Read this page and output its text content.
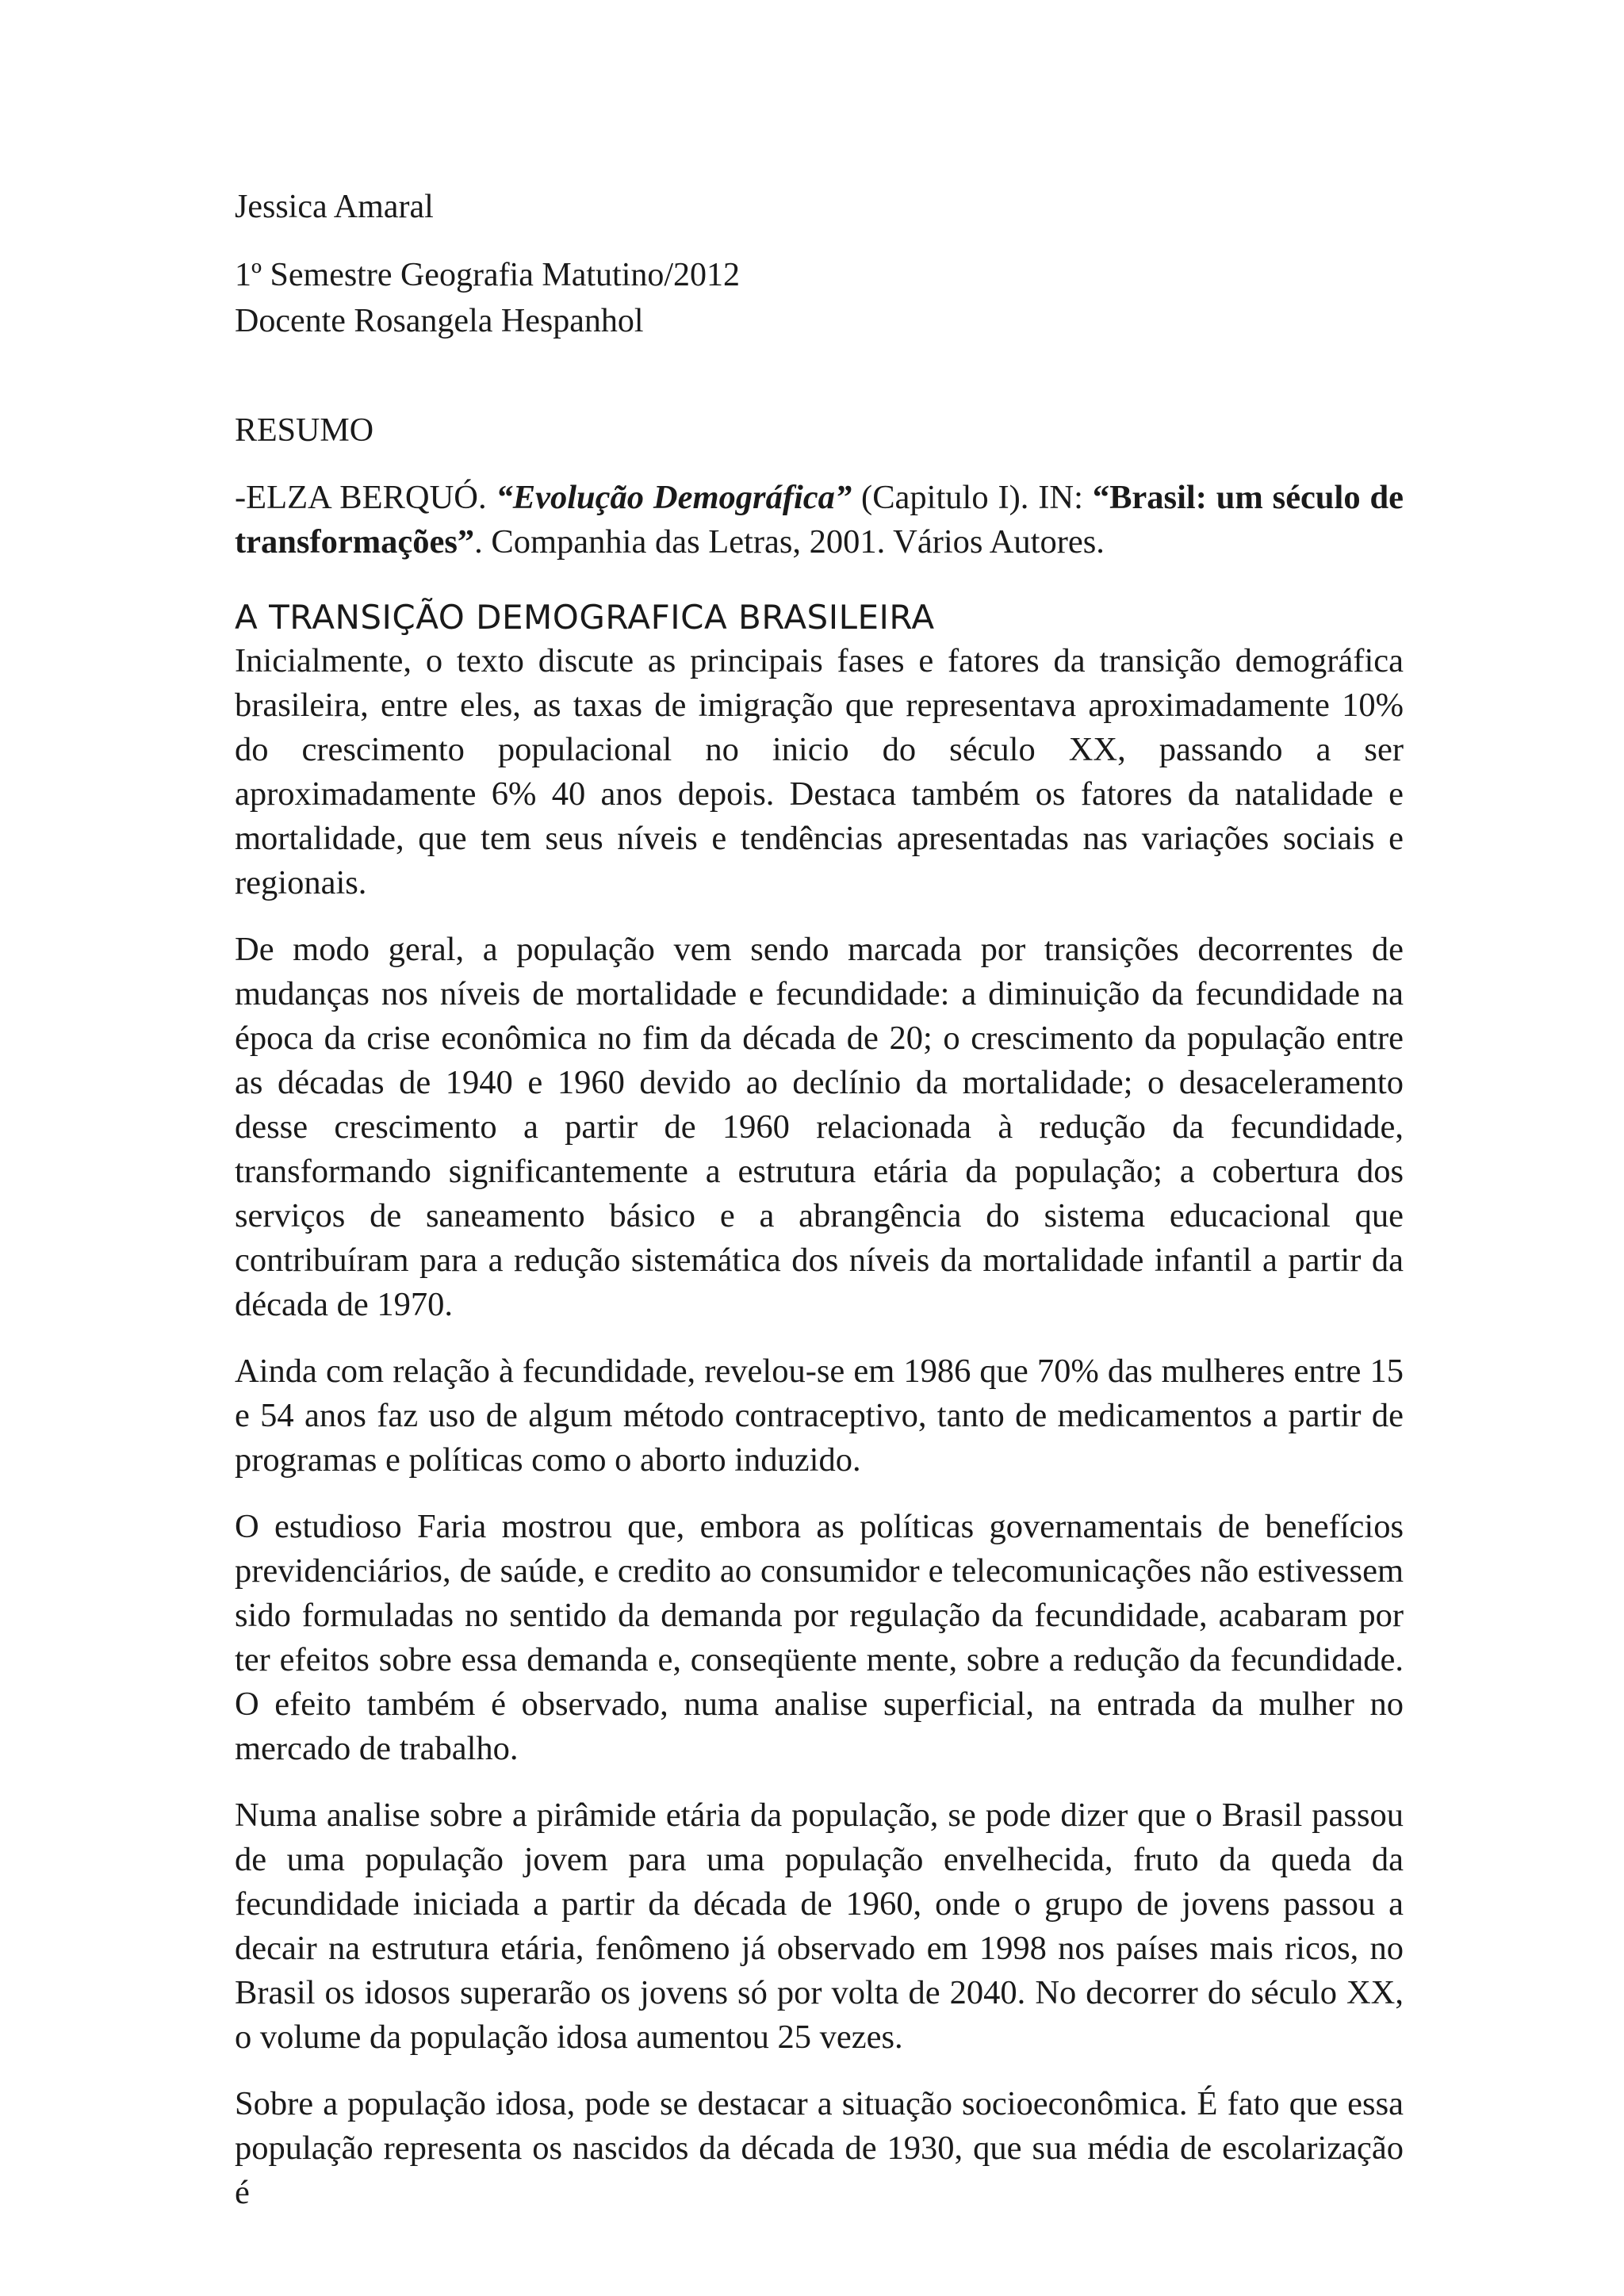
Jessica Amaral
1º Semestre Geografia Matutino/2012
Docente Rosangela Hespanhol
RESUMO

-ELZA BERQUÓ. “Evolução Demográfica” (Capitulo I). IN: “Brasil: um século de transformações”. Companhia das Letras, 2001. Vários Autores.

A TRANSIÇÃO DEMOGRAFICA BRASILEIRA

Inicialmente, o texto discute as principais fases e fatores da transição demográfica brasileira, entre eles, as taxas de imigração que representava aproximadamente 10% do crescimento populacional no inicio do século XX, passando a ser aproximadamente 6% 40 anos depois. Destaca também os fatores da natalidade e mortalidade, que tem seus níveis e tendências apresentadas nas variações sociais e regionais.

De modo geral, a população vem sendo marcada por transições decorrentes de mudanças nos níveis de mortalidade e fecundidade: a diminuição da fecundidade na época da crise econômica no fim da década de 20; o crescimento da população entre as décadas de 1940 e 1960 devido ao declínio da mortalidade; o desaceleramento desse crescimento a partir de 1960 relacionada à redução da fecundidade, transformando significantemente a estrutura etária da população; a cobertura dos serviços de saneamento básico e a abrangência do sistema educacional que contribuíram para a redução sistemática dos níveis da mortalidade infantil a partir da década de 1970.

Ainda com relação à fecundidade, revelou-se em 1986 que 70% das mulheres entre 15 e 54 anos faz uso de algum método contraceptivo, tanto de medicamentos a partir de programas e políticas como o aborto induzido.

O estudioso Faria mostrou que, embora as políticas governamentais de benefícios previdenciários, de saúde, e credito ao consumidor e telecomunicações não estivessem sido formuladas no sentido da demanda por regulação da fecundidade, acabaram por ter efeitos sobre essa demanda e, conseqüente mente, sobre a redução da fecundidade. O efeito também é observado, numa analise superficial, na entrada da mulher no mercado de trabalho.

Numa analise sobre a pirâmide etária da população, se pode dizer que o Brasil passou de uma população jovem para uma população envelhecida, fruto da queda da fecundidade iniciada a partir da década de 1960, onde o grupo de jovens passou a decair na estrutura etária, fenômeno já observado em 1998 nos países mais ricos, no Brasil os idosos superarão os jovens só por volta de 2040. No decorrer do século XX, o volume da população idosa aumentou 25 vezes.

Sobre a população idosa, pode se destacar a situação socioeconômica. É fato que essa população representa os nascidos da década de 1930, que sua média de escolarização é
